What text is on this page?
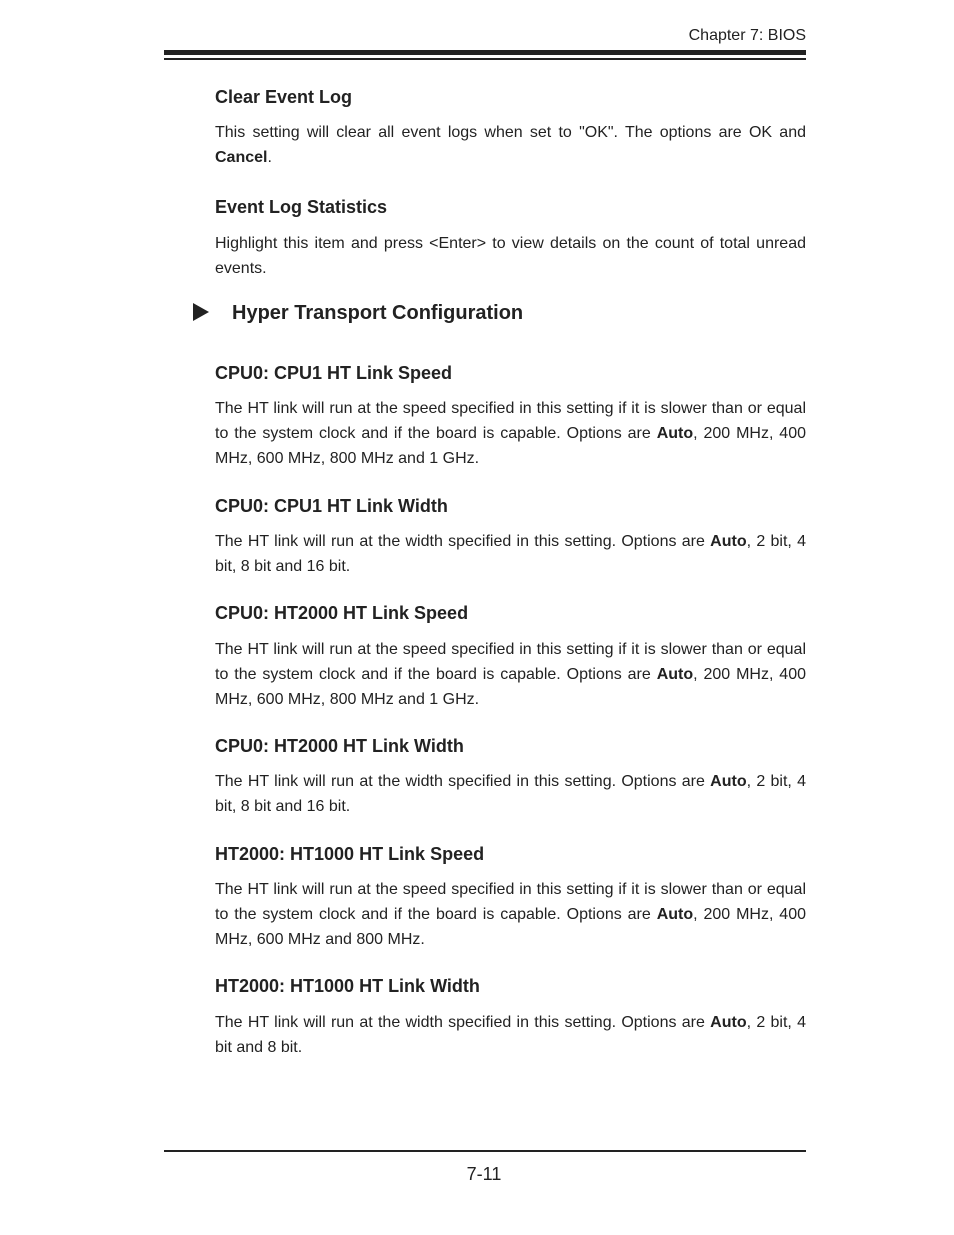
Chapter 7: BIOS
Clear Event Log

This setting will clear all event logs when set to "OK". The options are OK and Cancel.

Event Log Statistics

Highlight this item and press <Enter> to view details on the count of total unread events.

Hyper Transport Configuration
CPU0: CPU1 HT Link Speed

The HT link will run at the speed specified in this setting if it is slower than or equal to the system clock and if the board is capable. Options are Auto, 200 MHz, 400 MHz, 600 MHz, 800 MHz and 1 GHz.

CPU0: CPU1 HT Link Width

The HT link will run at the width specified in this setting. Options are Auto, 2 bit, 4 bit, 8 bit and 16 bit.

CPU0: HT2000 HT Link Speed

The HT link will run at the speed specified in this setting if it is slower than or equal to the system clock and if the board is capable. Options are Auto, 200 MHz, 400 MHz, 600 MHz, 800 MHz and 1 GHz.

CPU0: HT2000 HT Link Width

The HT link will run at the width specified in this setting. Options are Auto, 2 bit, 4 bit, 8 bit and 16 bit.

HT2000: HT1000 HT Link Speed

The HT link will run at the speed specified in this setting if it is slower than or equal to the system clock and if the board is capable. Options are Auto, 200 MHz, 400 MHz, 600 MHz and 800 MHz.

HT2000: HT1000 HT Link Width

The HT link will run at the width specified in this setting. Options are Auto, 2 bit, 4 bit and 8 bit.

7-11
